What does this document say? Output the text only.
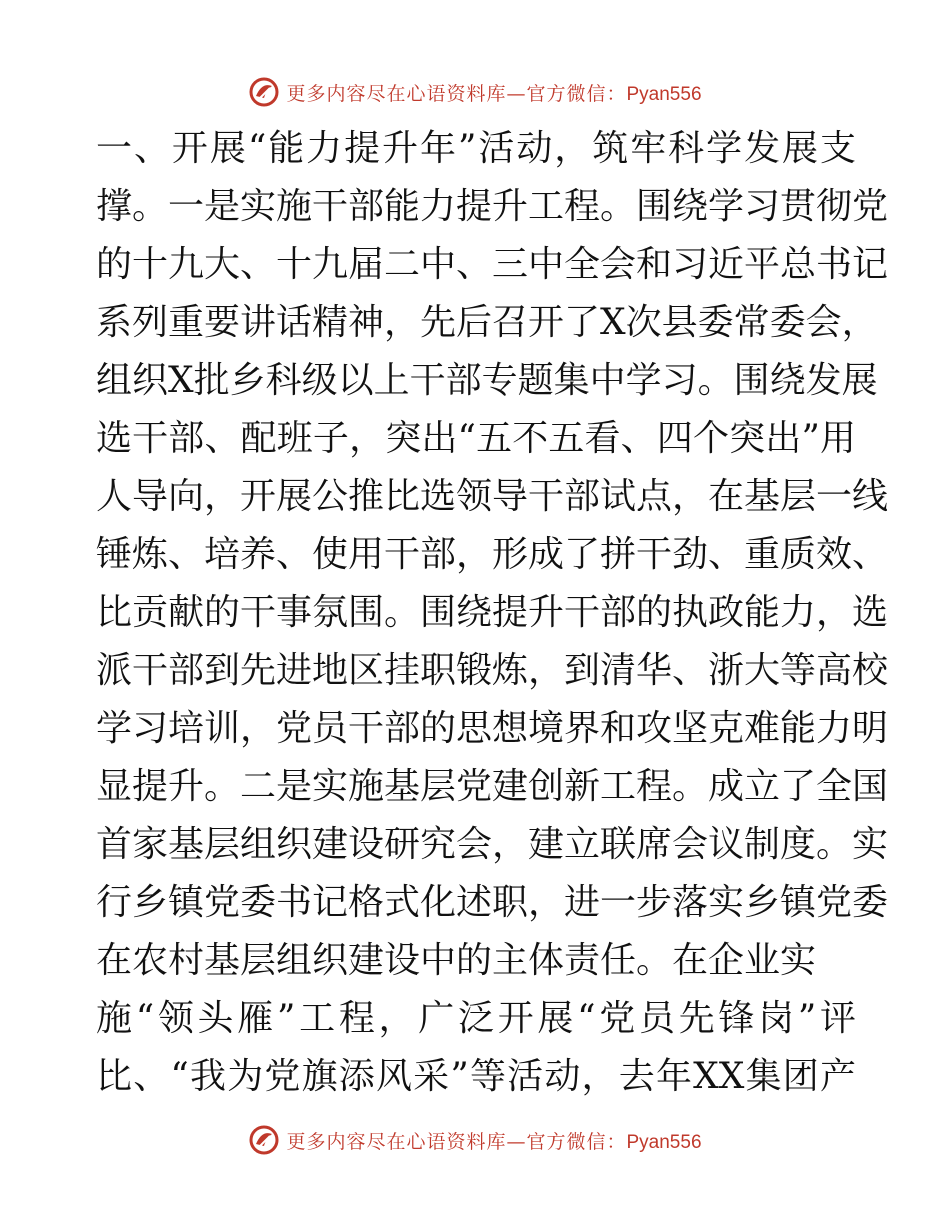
更多内容尽在心语资料库—官方微信：Pyan556
一、开展“能力提升年”活动，筑牢科学发展支
撑。一是实施干部能力提升工程。围绕学习贯彻党
的十九大、十九届二中、三中全会和习近平总书记
系列重要讲话精神，先后召开了X次县委常委会，
组织X批乡科级以上干部专题集中学习。围绕发展
选干部、配班子，突出“五不五看、四个突出”用
人导向，开展公推比选领导干部试点，在基层一线
锤炼、培养、使用干部，形成了拼干劲、重质效、
比贡献的干事氛围。围绕提升干部的执政能力，选
派干部到先进地区挂职锻炼，到清华、浙大等高校
学习培训，党员干部的思想境界和攻坚克难能力明
显提升。二是实施基层党建创新工程。成立了全国
首家基层组织建设研究会，建立联席会议制度。实
行乡镇党委书记格式化述职，进一步落实乡镇党委
在农村基层组织建设中的主体责任。在企业实
施“领头雁”工程，广泛开展“党员先锋岗”评
比、“我为党旗添风采”等活动，去年XX集团产
更多内容尽在心语资料库—官方微信：Pyan556
